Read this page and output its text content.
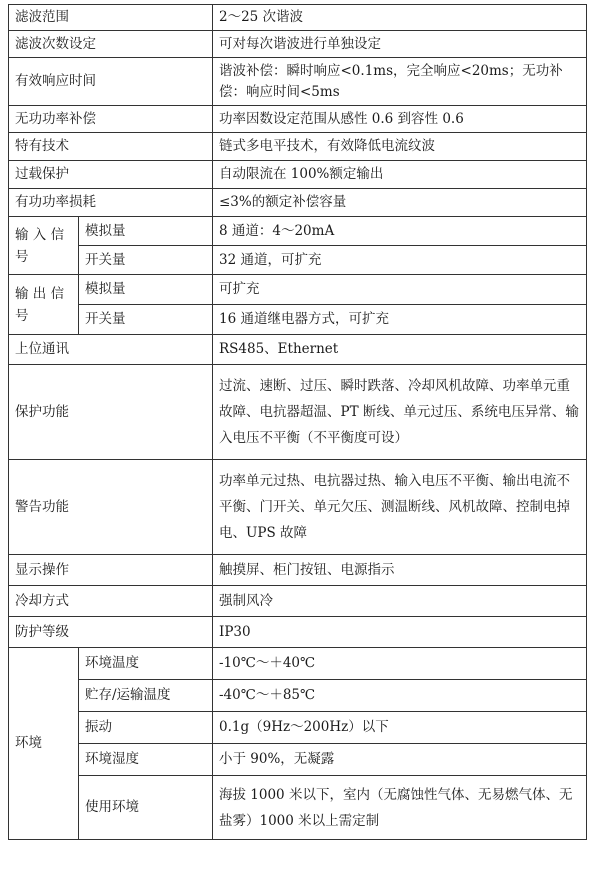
滤波范围		2～25 次谐波
滤波次数设定		可对每次谐波进行单独设定
有效响应时间		谐波补偿：瞬时响应<0.1ms，完全响应<20ms；无功补偿：响应时间<5ms
无功功率补偿		功率因数设定范围从感性 0.6 到容性 0.6
特有技术		链式多电平技术，有效降低电流纹波
过载保护		自动限流在 100%额定输出
有功功率损耗		≤3%的额定补偿容量
输 入 信 号	模拟量	8 通道：4～20mA
	开关量	32 通道，可扩充
输 出 信 号	模拟量	可扩充
	开关量	16 通道继电器方式，可扩充
上位通讯		RS485、Ethernet
保护功能		过流、速断、过压、瞬时跌落、冷却风机故障、功率单元重故障、电抗器超温、PT 断线、单元过压、系统电压异常、输入电压不平衡（不平衡度可设）
警告功能		功率单元过热、电抗器过热、输入电压不平衡、输出电流不平衡、门开关、单元欠压、测温断线、风机故障、控制电掉电、UPS 故障
显示操作		触摸屏、柜门按钮、电源指示
冷却方式		强制风冷
防护等级		IP30
环境	环境温度	-10℃～＋40℃
	贮存/运输温度	-40℃～＋85℃
	振动	0.1g（9Hz～200Hz）以下
	环境湿度	小于 90%，无凝露
	使用环境	海拔 1000 米以下，室内（无腐蚀性气体、无易燃气体、无盐雾）1000 米以上需定制
